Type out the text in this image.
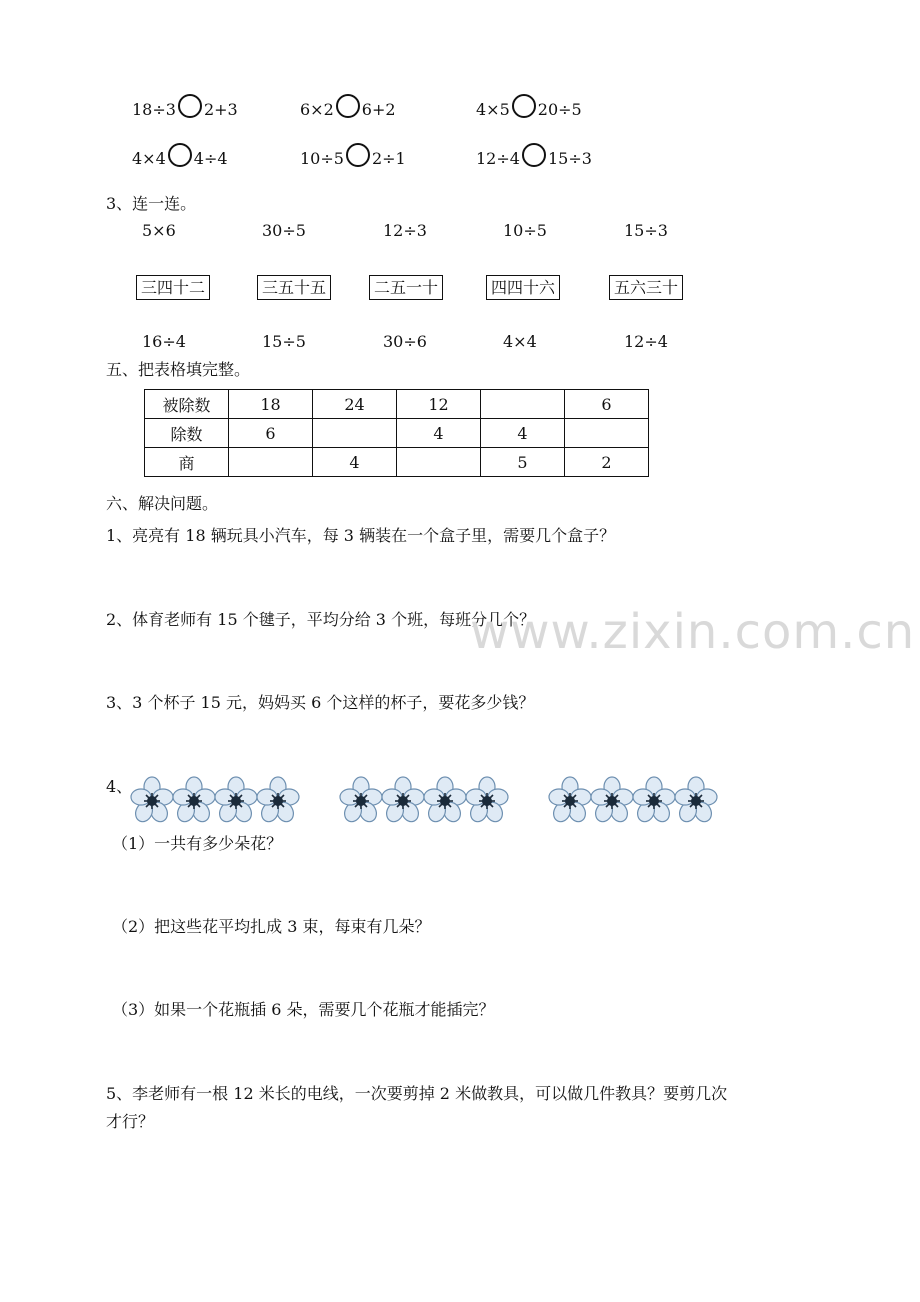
18÷3 2+3	6×2 6+2	4×5 20÷5
4×4 4÷4	10÷5 2÷1	12÷4 15÷3
3、连一连。
5×6	30÷5	12÷3	10÷5	15÷3
三四十二	三五十五	二五一十	四四十六	五六三十
16÷4	15÷5	30÷6	4×4	12÷4
五、把表格填完整。
被除数	18	24	12		6
除数	6		4	4	
商		4		5	2
六、解决问题。
1、亮亮有 18 辆玩具小汽车，每 3 辆装在一个盒子里，需要几个盒子？
2、体育老师有 15 个毽子，平均分给 3 个班，每班分几个？
3、3 个杯子 15 元，妈妈买 6 个这样的杯子，要花多少钱？
www.zixin.com.cn
4、
（1）一共有多少朵花？
（2）把这些花平均扎成 3 束，每束有几朵？
（3）如果一个花瓶插 6 朵，需要几个花瓶才能插完？
5、李老师有一根 12 米长的电线，一次要剪掉 2 米做教具，可以做几件教具？要剪几次
才行？
